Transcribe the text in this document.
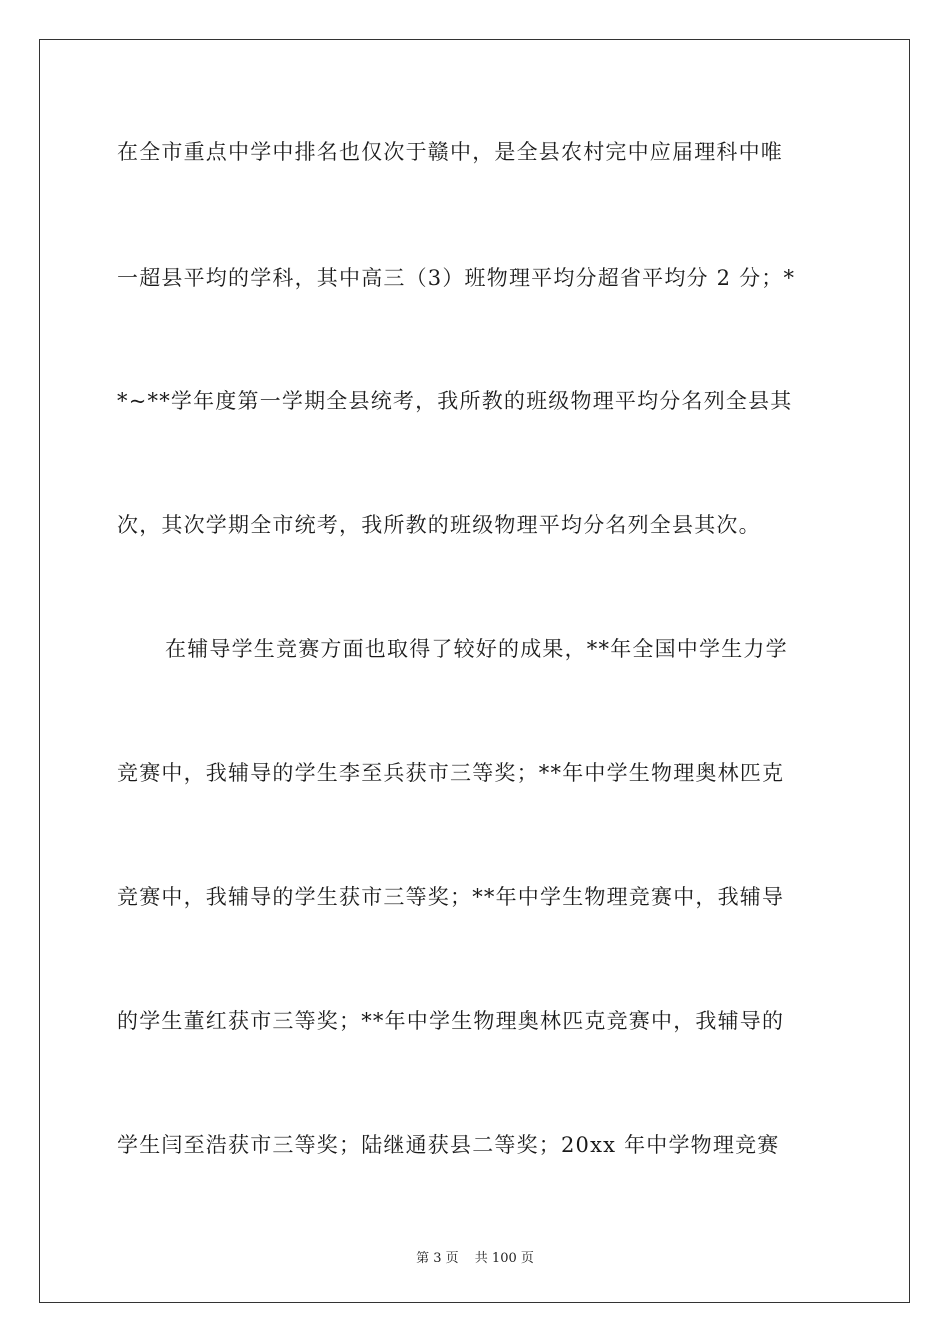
在全市重点中学中排名也仅次于赣中，是全县农村完中应届理科中唯
一超县平均的学科，其中高三（3）班物理平均分超省平均分 2 分；*
*~**学年度第一学期全县统考，我所教的班级物理平均分名列全县其
次，其次学期全市统考，我所教的班级物理平均分名列全县其次。
在辅导学生竞赛方面也取得了较好的成果，**年全国中学生力学
竞赛中，我辅导的学生李至兵获市三等奖；**年中学生物理奥林匹克
竞赛中，我辅导的学生获市三等奖；**年中学生物理竞赛中，我辅导
的学生董红获市三等奖；**年中学生物理奥林匹克竞赛中，我辅导的
学生闫至浩获市三等奖；陆继通获县二等奖；20xx 年中学物理竞赛
第 3 页 共 100 页
